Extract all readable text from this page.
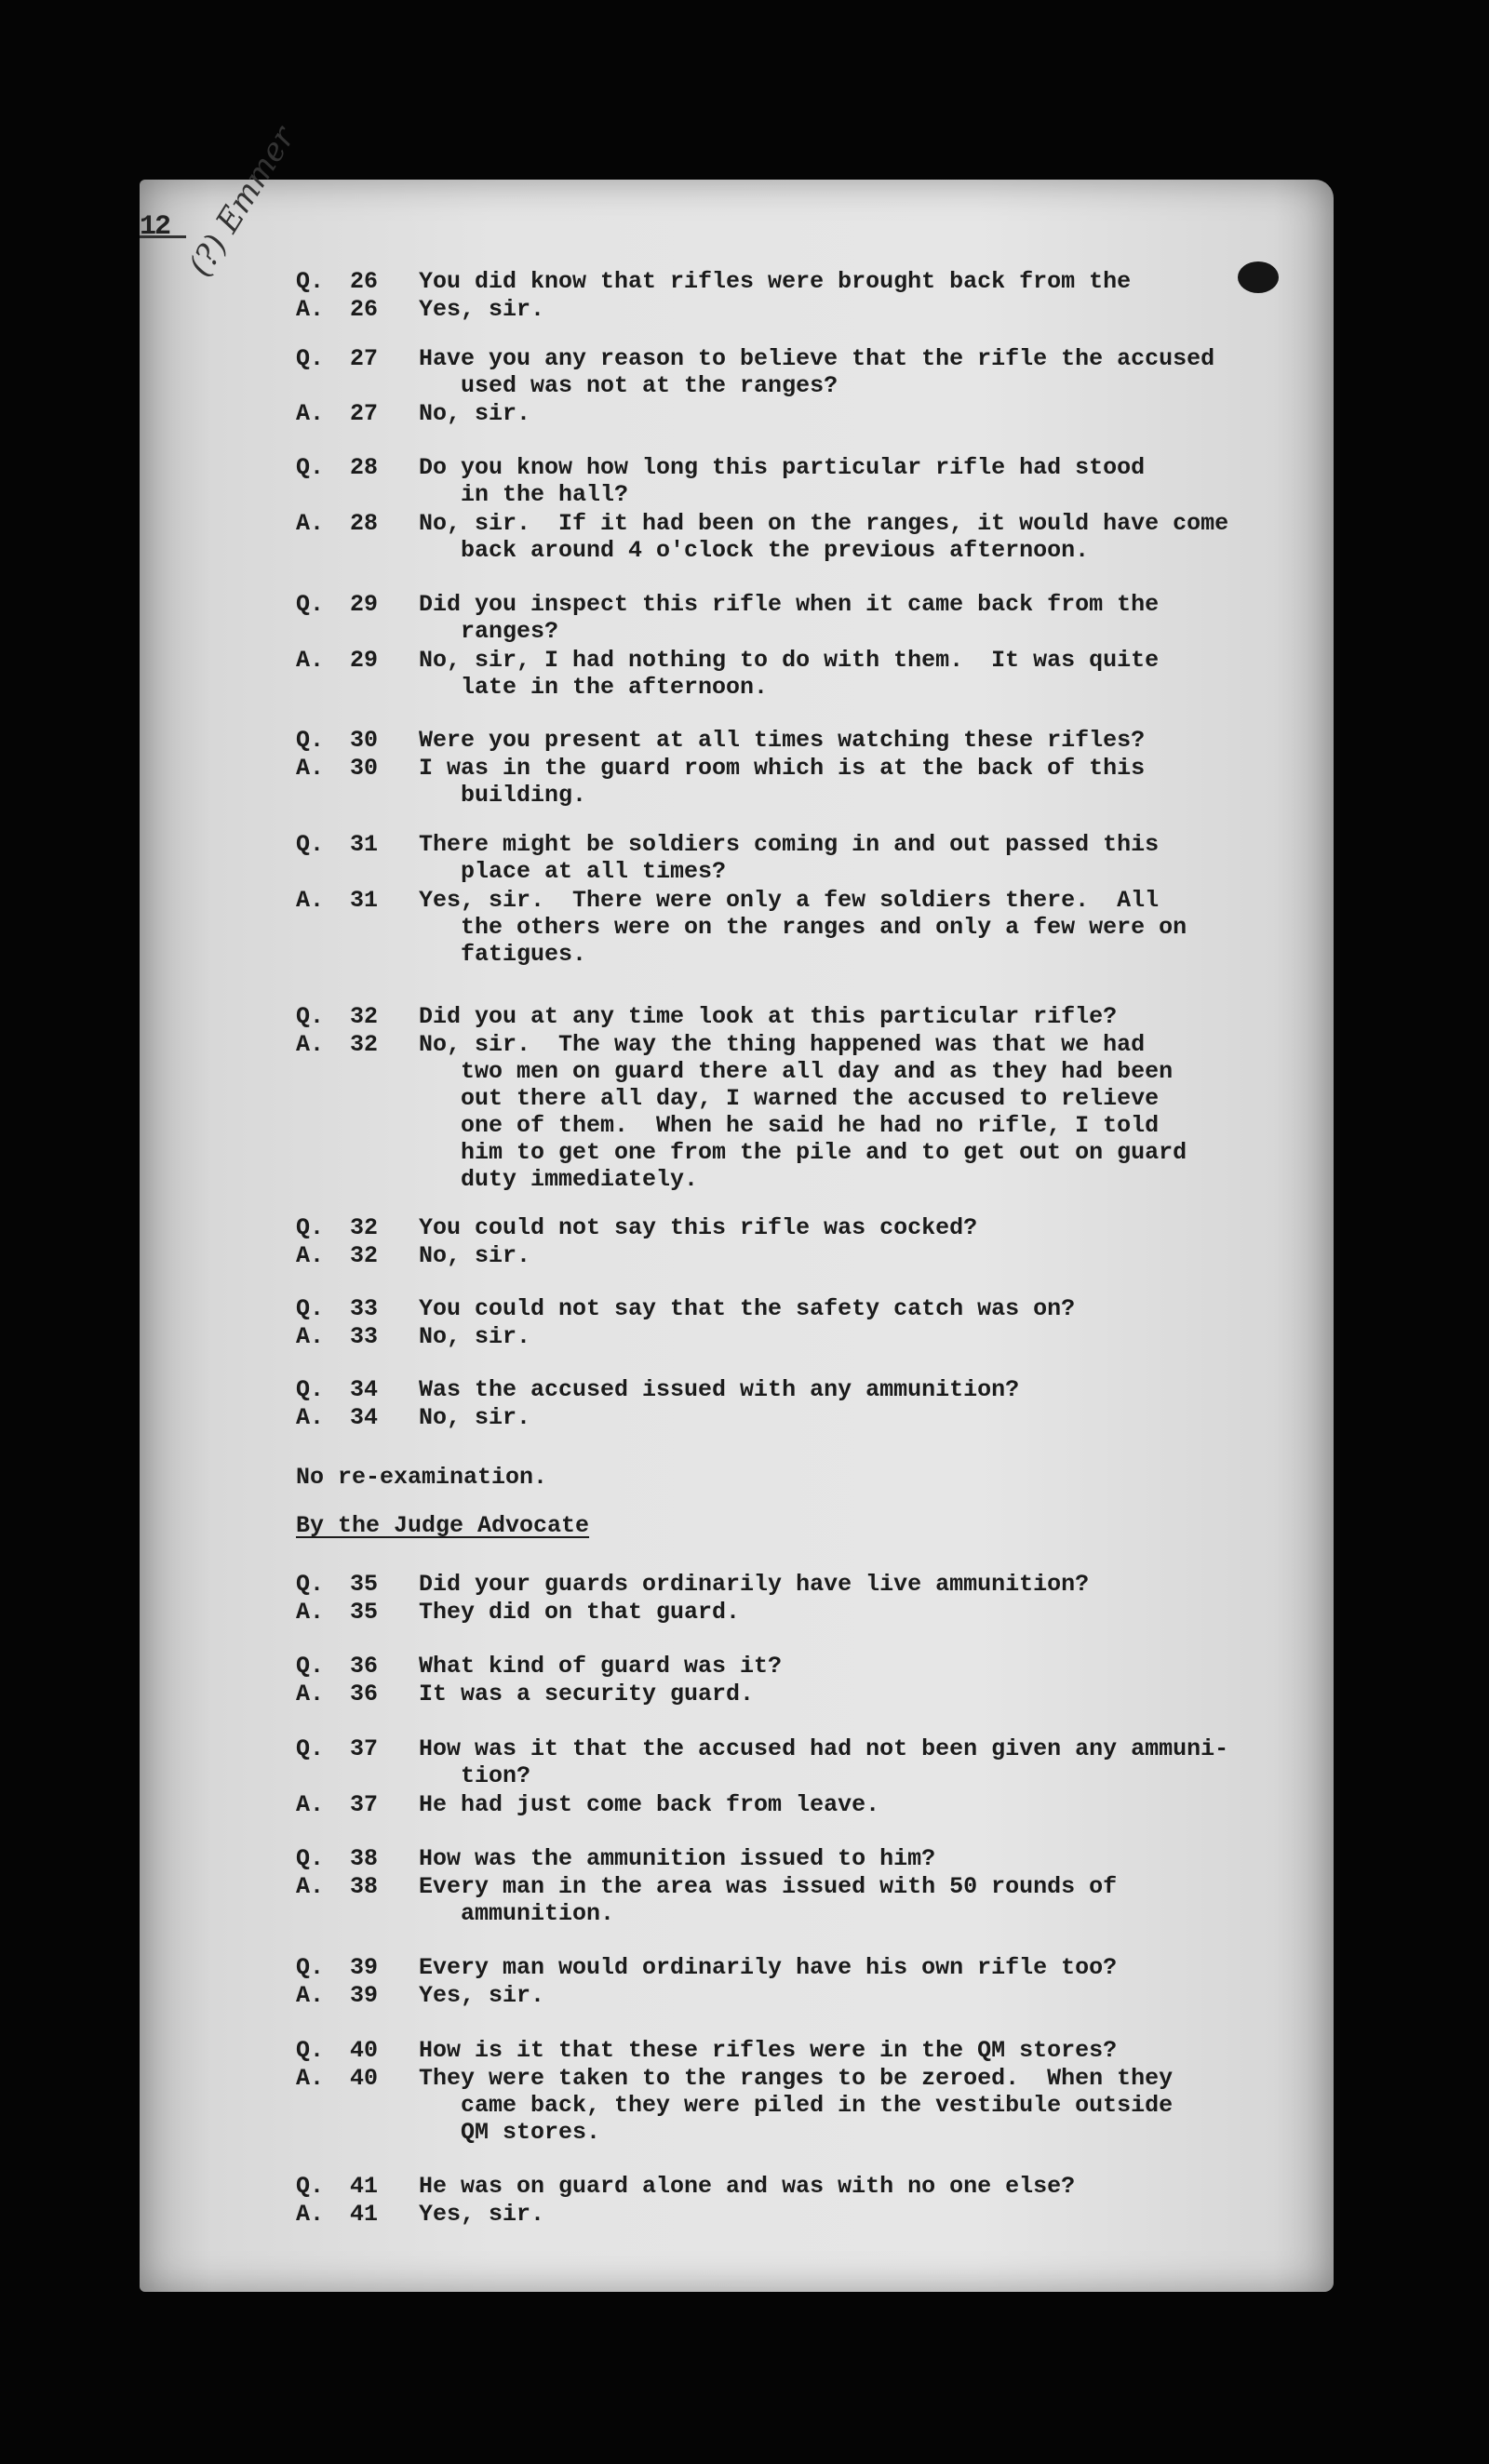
12 (?) Emmer
Q.	26	You did know that rifles were brought back from the
A.	26	Yes, sir.
Q.	27	Have you any reason to believe that the rifle the accused
used was not at the ranges?
A.	27	No, sir.
Q.	28	Do you know how long this particular rifle had stood
in the hall?
A.	28	No, sir.  If it had been on the ranges, it would have come
back around 4 o'clock the previous afternoon.
Q.	29	Did you inspect this rifle when it came back from the
ranges?
A.	29	No, sir, I had nothing to do with them.  It was quite
late in the afternoon.
Q.	30	Were you present at all times watching these rifles?
A.	30	I was in the guard room which is at the back of this
building.
Q.	31	There might be soldiers coming in and out passed this
place at all times?
A.	31	Yes, sir.  There were only a few soldiers there.  All
the others were on the ranges and only a few were on
fatigues.
Q.	32	Did you at any time look at this particular rifle?
A.	32	No, sir.  The way the thing happened was that we had
two men on guard there all day and as they had been
out there all day, I warned the accused to relieve
one of them.  When he said he had no rifle, I told
him to get one from the pile and to get out on guard
duty immediately.
Q.	32	You could not say this rifle was cocked?
A.	32	No, sir.
Q.	33	You could not say that the safety catch was on?
A.	33	No, sir.
Q.	34	Was the accused issued with any ammunition?
A.	34	No, sir.
No re-examination.
By the Judge Advocate
Q.	35	Did your guards ordinarily have live ammunition?
A.	35	They did on that guard.
Q.	36	What kind of guard was it?
A.	36	It was a security guard.
Q.	37	How was it that the accused had not been given any ammuni-
tion?
A.	37	He had just come back from leave.
Q.	38	How was the ammunition issued to him?
A.	38	Every man in the area was issued with 50 rounds of
ammunition.
Q.	39	Every man would ordinarily have his own rifle too?
A.	39	Yes, sir.
Q.	40	How is it that these rifles were in the QM stores?
A.	40	They were taken to the ranges to be zeroed.  When they
came back, they were piled in the vestibule outside
QM stores.
Q.	41	He was on guard alone and was with no one else?
A.	41	Yes, sir.
